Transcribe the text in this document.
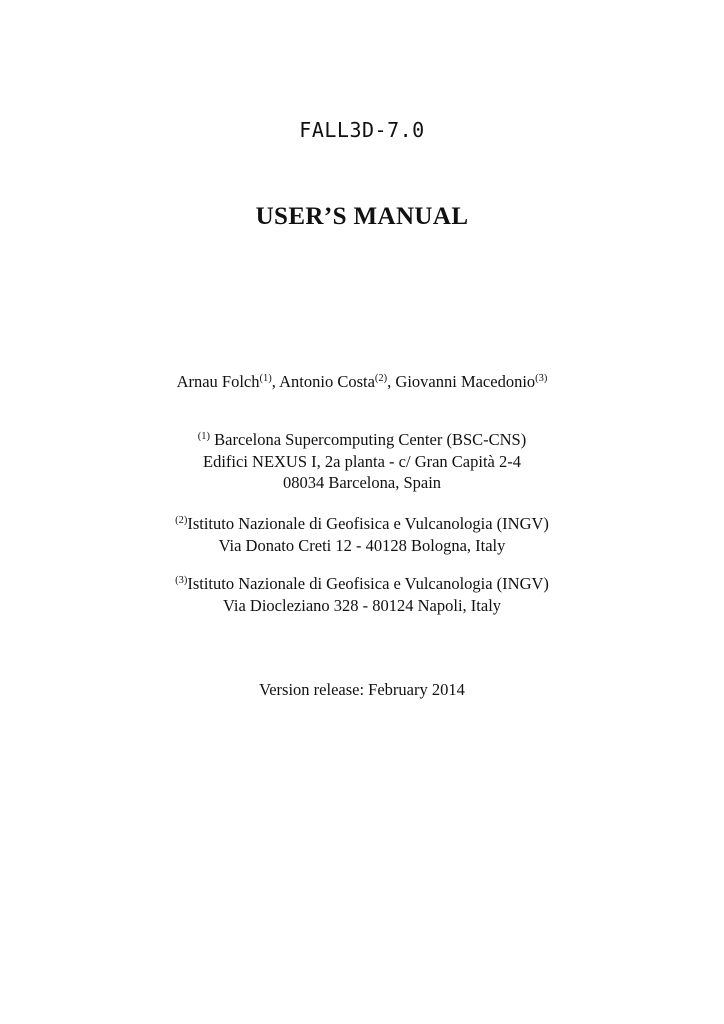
FALL3D-7.0
USER’S MANUAL
Arnau Folch$^{(1)}$, Antonio Costa$^{(2)}$, Giovanni Macedonio$^{(3)}$
$^{(1)}$ Barcelona Supercomputing Center (BSC-CNS)
Edifici NEXUS I, 2a planta - c/ Gran Capità 2-4
08034 Barcelona, Spain
$^{(2)}$Istituto Nazionale di Geofisica e Vulcanologia (INGV)
Via Donato Creti 12 - 40128 Bologna, Italy
$^{(3)}$Istituto Nazionale di Geofisica e Vulcanologia (INGV)
Via Diocleziano 328 - 80124 Napoli, Italy
Version release: February 2014
